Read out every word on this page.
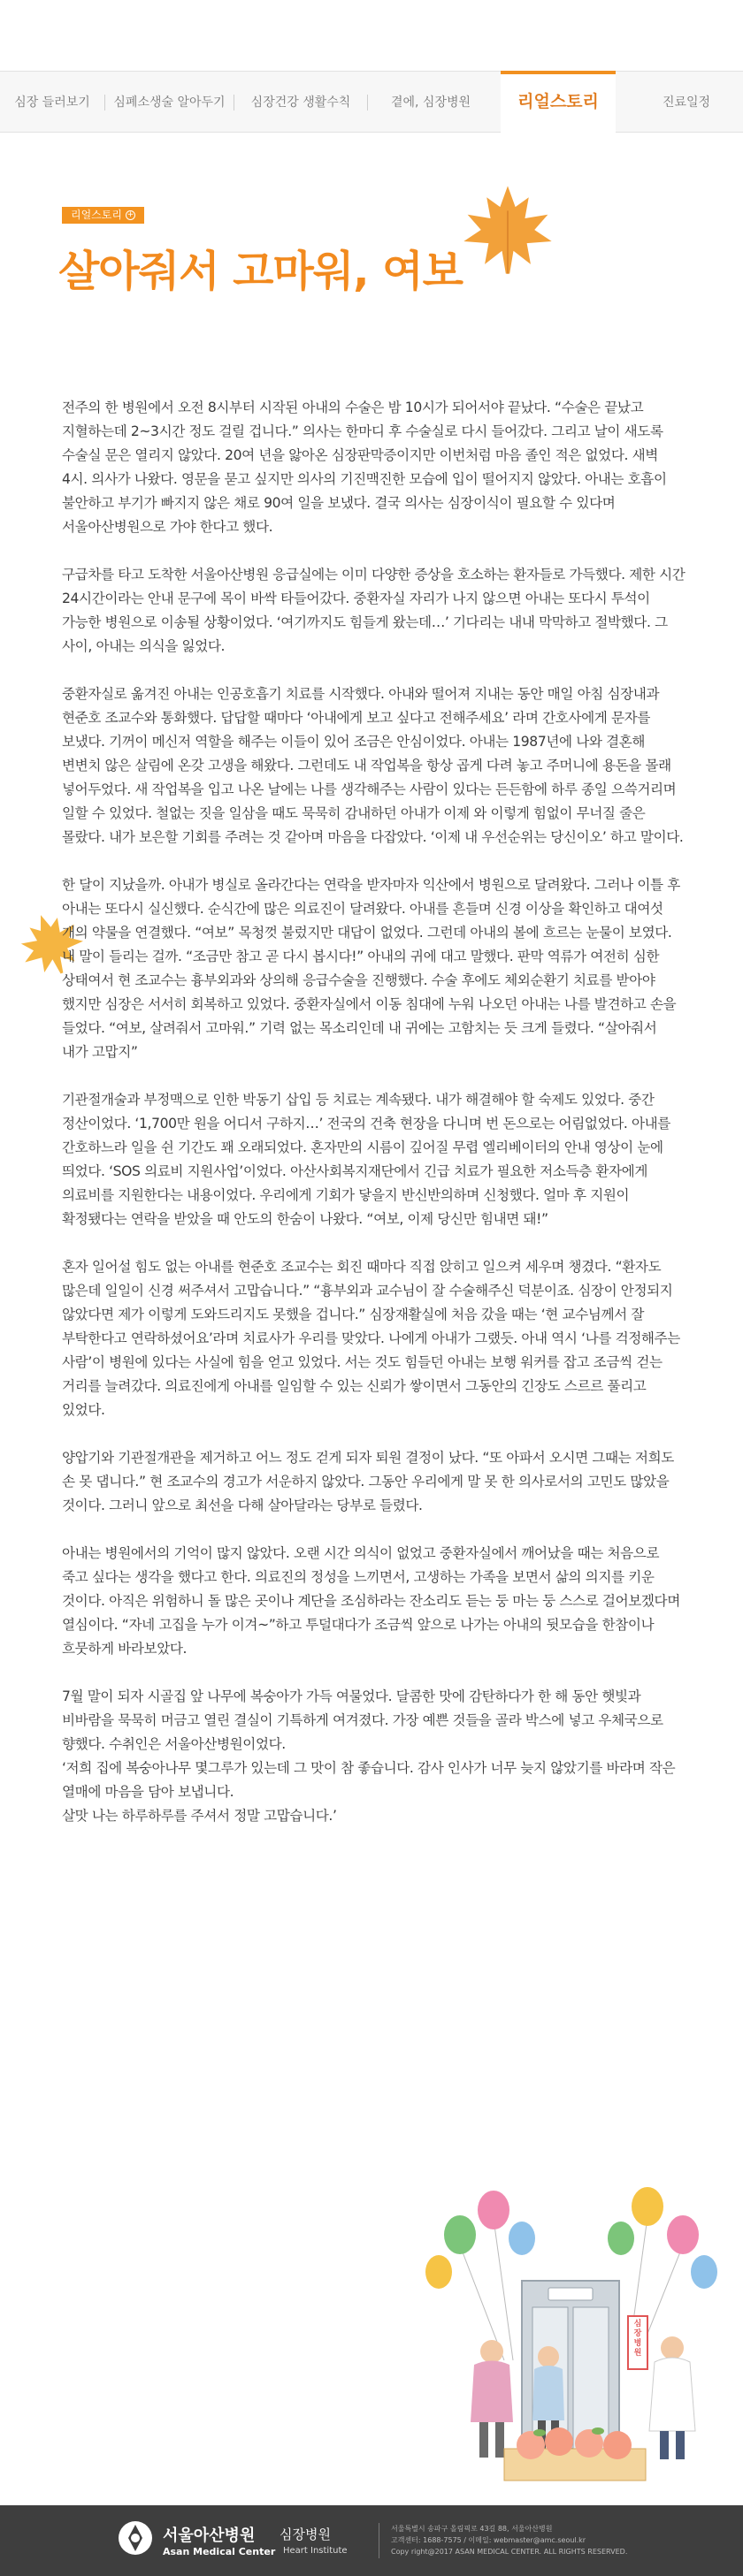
심장 들러보기	심폐소생술 알아두기	심장건강 생활수칙	곁에, 심장병원	리얼스토리	진료일정
리얼스토리 +
살아줘서 고마워, 여보

전주의 한 병원에서 오전 8시부터 시작된 아내의 수술은 밤 10시가 되어서야 끝났다. “수술은 끝났고 지혈하는데 2~3시간 정도 걸릴 겁니다.” 의사는 한마디 후 수술실로 다시 들어갔다. 그리고 날이 새도록 수술실 문은 열리지 않았다. 20여 년을 앓아온 심장판막증이지만 이번처럼 마음 졸인 적은 없었다. 새벽 4시. 의사가 나왔다. 영문을 묻고 싶지만 의사의 기진맥진한 모습에 입이 떨어지지 않았다. 아내는 호흡이 불안하고 부기가 빠지지 않은 채로 90여 일을 보냈다. 결국 의사는 심장이식이 필요할 수 있다며 서울아산병원으로 가야 한다고 했다.

구급차를 타고 도착한 서울아산병원 응급실에는 이미 다양한 증상을 호소하는 환자들로 가득했다. 제한 시간 24시간이라는 안내 문구에 목이 바싹 타들어갔다. 중환자실 자리가 나지 않으면 아내는 또다시 투석이 가능한 병원으로 이송될 상황이었다. ‘여기까지도 힘들게 왔는데…’ 기다리는 내내 막막하고 절박했다. 그 사이, 아내는 의식을 잃었다.

중환자실로 옮겨진 아내는 인공호흡기 치료를 시작했다. 아내와 떨어져 지내는 동안 매일 아침 심장내과 현준호 조교수와 통화했다. 답답할 때마다 ‘아내에게 보고 싶다고 전해주세요’ 라며 간호사에게 문자를 보냈다. 기꺼이 메신저 역할을 해주는 이들이 있어 조금은 안심이었다. 아내는 1987년에 나와 결혼해 변변치 않은 살림에 온갖 고생을 해왔다. 그런데도 내 작업복을 항상 곱게 다려 놓고 주머니에 용돈을 몰래 넣어두었다. 새 작업복을 입고 나온 날에는 나를 생각해주는 사람이 있다는 든든함에 하루 종일 으쓱거리며 일할 수 있었다. 철없는 짓을 일삼을 때도 묵묵히 감내하던 아내가 이제 와 이렇게 힘없이 무너질 줄은 몰랐다. 내가 보은할 기회를 주려는 것 같아며 마음을 다잡았다. ‘이제 내 우선순위는 당신이오’ 하고 말이다.

한 달이 지났을까. 아내가 병실로 올라간다는 연락을 받자마자 익산에서 병원으로 달려왔다. 그러나 이틀 후 아내는 또다시 실신했다. 순식간에 많은 의료진이 달려왔다. 아내를 흔들며 신경 이상을 확인하고 대여섯 개의 약물을 연결했다. “여보” 목청껏 불렀지만 대답이 없었다. 그런데 아내의 볼에 흐르는 눈물이 보였다. 내 말이 들리는 걸까. “조금만 참고 곧 다시 봅시다!” 아내의 귀에 대고 말했다. 판막 역류가 여전히 심한 상태여서 현 조교수는 흉부외과와 상의해 응급수술을 진행했다. 수술 후에도 체외순환기 치료를 받아야 했지만 심장은 서서히 회복하고 있었다. 중환자실에서 이동 침대에 누워 나오던 아내는 나를 발견하고 손을 들었다. “여보, 살려줘서 고마워.” 기력 없는 목소리인데 내 귀에는 고함치는 듯 크게 들렸다. “살아줘서 내가 고맙지”

기관절개술과 부정맥으로 인한 박동기 삽입 등 치료는 계속됐다. 내가 해결해야 할 숙제도 있었다. 중간 정산이었다. ‘1,700만 원을 어디서 구하지…’ 전국의 건축 현장을 다니며 번 돈으로는 어림없었다. 아내를 간호하느라 일을 쉰 기간도 꽤 오래되었다. 혼자만의 시름이 깊어질 무렵 엘리베이터의 안내 영상이 눈에 띄었다. ‘SOS 의료비 지원사업’이었다. 아산사회복지재단에서 긴급 치료가 필요한 저소득층 환자에게 의료비를 지원한다는 내용이었다. 우리에게 기회가 닿을지 반신반의하며 신청했다. 얼마 후 지원이 확정됐다는 연락을 받았을 때 안도의 한숨이 나왔다. “여보, 이제 당신만 힘내면 돼!”

혼자 일어설 힘도 없는 아내를 현준호 조교수는 회진 때마다 직접 앉히고 일으켜 세우며 챙겼다. “환자도 많은데 일일이 신경 써주셔서 고맙습니다.” “흉부외과 교수님이 잘 수술해주신 덕분이죠. 심장이 안정되지 않았다면 제가 이렇게 도와드리지도 못했을 겁니다.” 심장재활실에 처음 갔을 때는 ‘현 교수님께서 잘 부탁한다고 연락하셨어요’라며 치료사가 우리를 맞았다. 나에게 아내가 그랬듯. 아내 역시 ‘나를 걱정해주는 사람’이 병원에 있다는 사실에 힘을 얻고 있었다. 서는 것도 힘들던 아내는 보행 워커를 잡고 조금씩 걷는 거리를 늘려갔다. 의료진에게 아내를 일임할 수 있는 신뢰가 쌓이면서 그동안의 긴장도 스르르 풀리고 있었다.

양압기와 기관절개관을 제거하고 어느 정도 걷게 되자 퇴원 결정이 났다. “또 아파서 오시면 그때는 저희도 손 못 댑니다.” 현 조교수의 경고가 서운하지 않았다. 그동안 우리에게 말 못 한 의사로서의 고민도 많았을 것이다. 그러니 앞으로 최선을 다해 살아달라는 당부로 들렸다.

아내는 병원에서의 기억이 많지 않았다. 오랜 시간 의식이 없었고 중환자실에서 깨어났을 때는 처음으로 죽고 싶다는 생각을 했다고 한다. 의료진의 정성을 느끼면서, 고생하는 가족을 보면서 삶의 의지를 키운 것이다. 아직은 위험하니 돌 많은 곳이나 계단을 조심하라는 잔소리도 듣는 둥 마는 둥 스스로 걸어보겠다며 열심이다. “자네 고집을 누가 이겨~”하고 투덜대다가 조금씩 앞으로 나가는 아내의 뒷모습을 한참이나 흐뭇하게 바라보았다.

7월 말이 되자 시골집 앞 나무에 복숭아가 가득 여물었다. 달콤한 맛에 감탄하다가 한 해 동안 햇빛과 비바람을 묵묵히 머금고 열린 결실이 기특하게 여겨졌다. 가장 예쁜 것들을 골라 박스에 넣고 우체국으로 향했다. 수취인은 서울아산병원이었다.

‘저희 집에 복숭아나무 몇그루가 있는데 그 맛이 참 좋습니다. 감사 인사가 너무 늦지 않았기를 바라며 작은 열매에 마음을 담아 보냅니다.

살맛 나는 하루하루를 주셔서 정말 고맙습니다.’

심장병원
서울아산병원 심장병원
Asan Medical Center Heart Institute
서울특별시 송파구 올림픽로 43길 88, 서울아산병원
고객센터: 1688-7575 / 이메일: webmaster@amc.seoul.kr
Copy right@2017 ASAN MEDICAL CENTER. ALL RIGHTS RESERVED.
